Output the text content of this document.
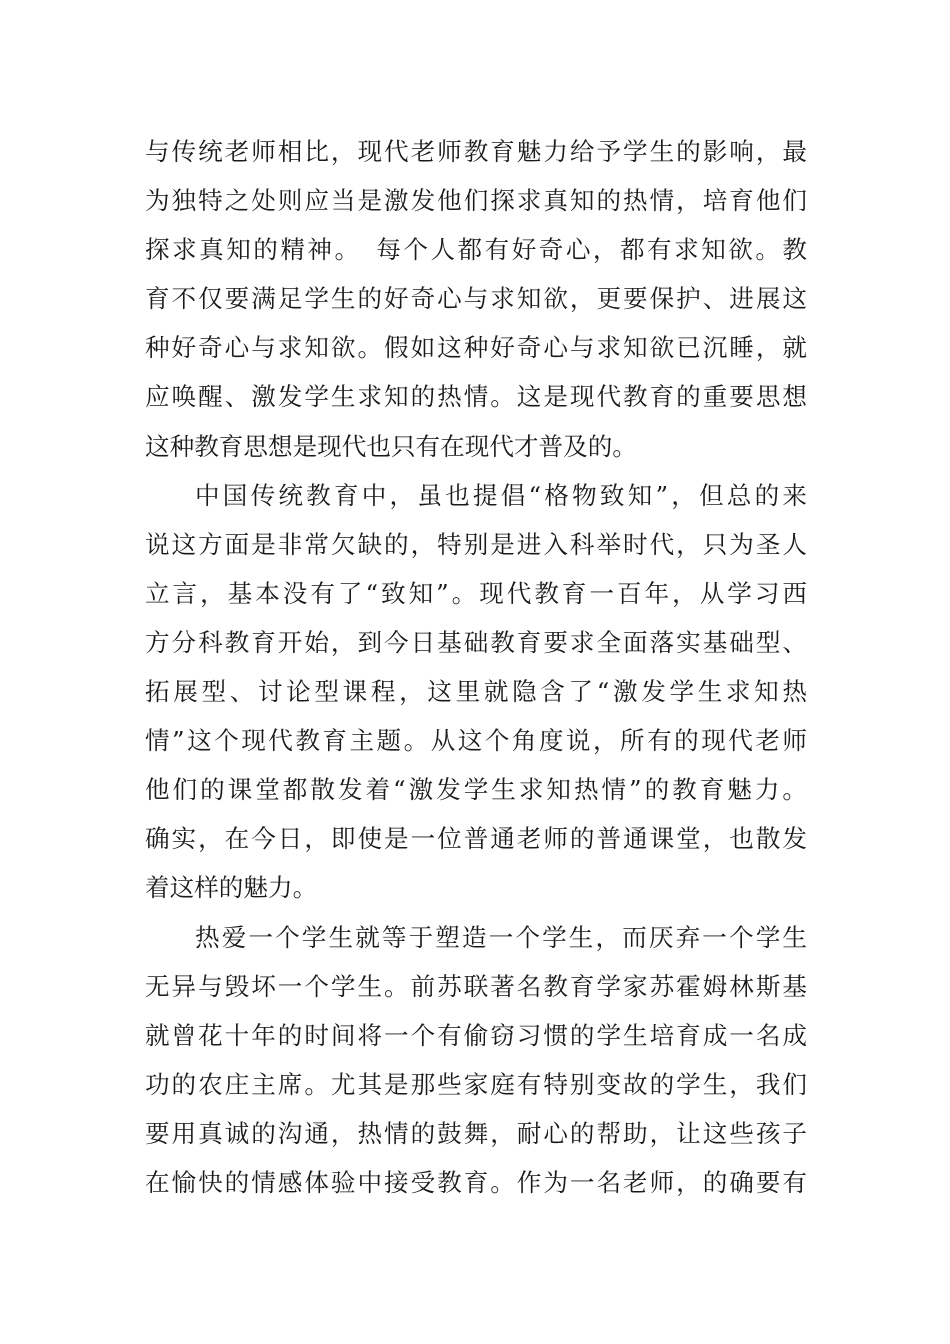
与传统老师相比，现代老师教育魅力给予学生的影响，最
为独特之处则应当是激发他们探求真知的热情，培育他们
探求真知的精神。　每个人都有好奇心，都有求知欲。教
育不仅要满足学生的好奇心与求知欲，更要保护、进展这
种好奇心与求知欲。假如这种好奇心与求知欲已沉睡，就
应唤醒、激发学生求知的热情。这是现代教育的重要思想
这种教育思想是现代也只有在现代才普及的。
中国传统教育中，虽也提倡“格物致知”，但总的来
说这方面是非常欠缺的，特别是进入科举时代，只为圣人
立言，基本没有了“致知”。现代教育一百年，从学习西
方分科教育开始，到今日基础教育要求全面落实基础型、
拓展型、讨论型课程，这里就隐含了“激发学生求知热
情”这个现代教育主题。从这个角度说，所有的现代老师
他们的课堂都散发着“激发学生求知热情”的教育魅力。
确实，在今日，即使是一位普通老师的普通课堂，也散发
着这样的魅力。
热爱一个学生就等于塑造一个学生，而厌弃一个学生
无异与毁坏一个学生。前苏联著名教育学家苏霍姆林斯基
就曾花十年的时间将一个有偷窃习惯的学生培育成一名成
功的农庄主席。尤其是那些家庭有特别变故的学生，我们
要用真诚的沟通，热情的鼓舞，耐心的帮助，让这些孩子
在愉快的情感体验中接受教育。作为一名老师，的确要有
